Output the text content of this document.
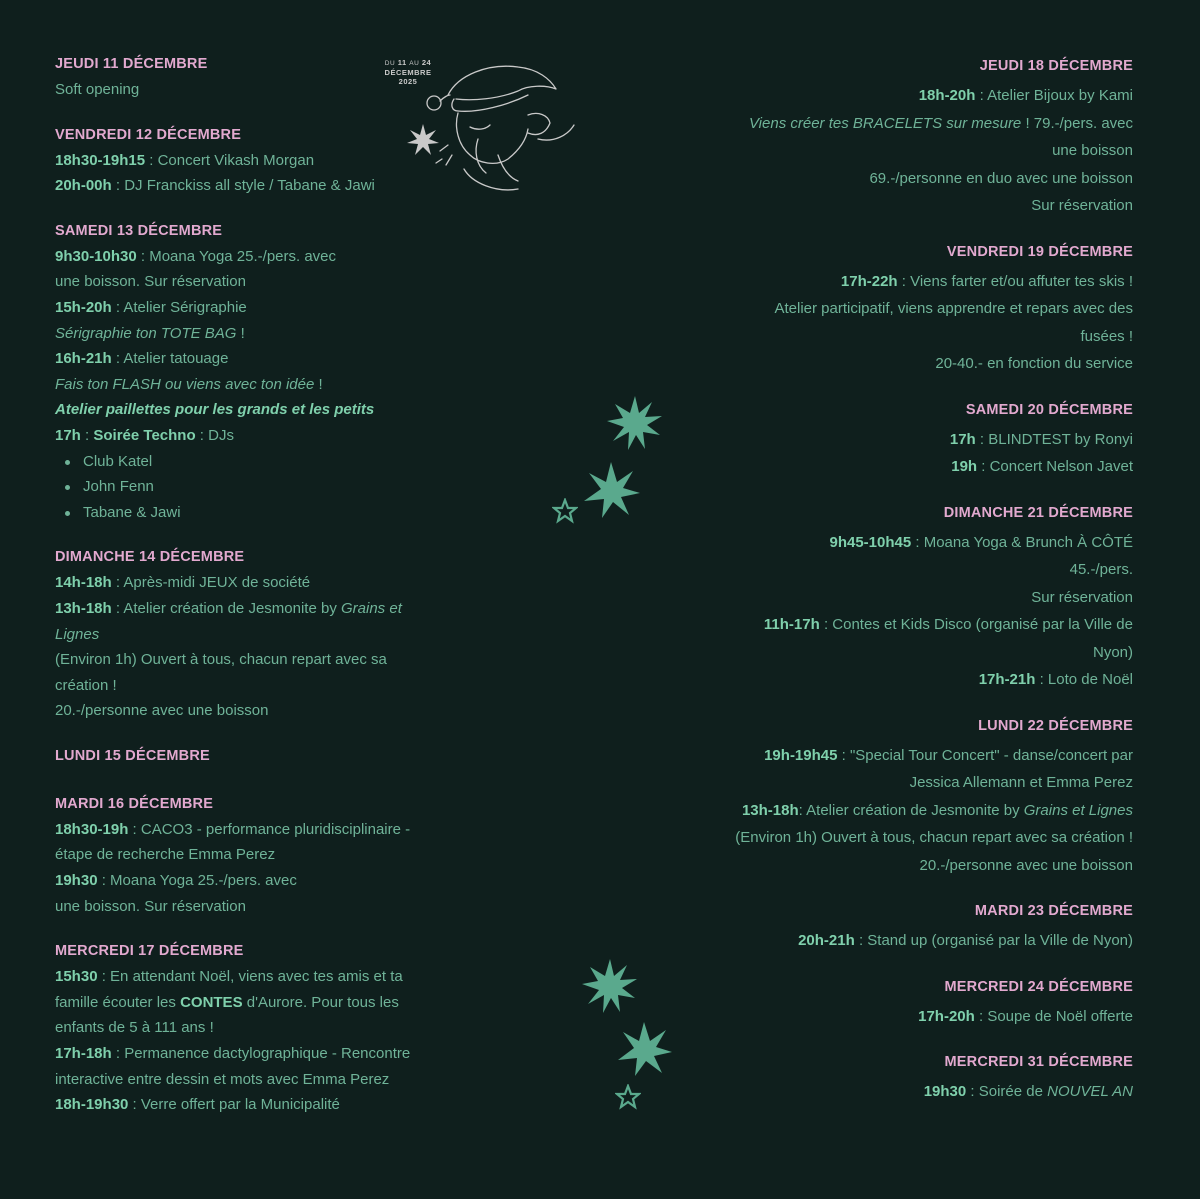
DU 11 AU 24
DÉCEMBRE
2025
JEUDI 11 DÉCEMBRE

Soft opening

VENDREDI 12 DÉCEMBRE

18h30-19h15 : Concert Vikash Morgan

20h-00h : DJ Franckiss all style / Tabane & Jawi

SAMEDI 13 DÉCEMBRE

9h30-10h30 : Moana Yoga 25.-/pers. avec

une boisson. Sur réservation

15h-20h : Atelier Sérigraphie

Sérigraphie ton TOTE BAG !

16h-21h : Atelier tatouage

Fais ton FLASH ou viens avec ton idée !

Atelier paillettes pour les grands et les petits

17h : Soirée Techno : DJs

Club Katel
John Fenn
Tabane & Jawi
DIMANCHE 14 DÉCEMBRE

14h-18h : Après-midi JEUX de société

13h-18h : Atelier création de Jesmonite by Grains et

Lignes

(Environ 1h) Ouvert à tous, chacun repart avec sa

création !

20.-/personne avec une boisson

LUNDI 15 DÉCEMBRE
MARDI 16 DÉCEMBRE

18h30-19h : CACO3 - performance pluridisciplinaire -

étape de recherche Emma Perez

19h30 : Moana Yoga 25.-/pers. avec

une boisson. Sur réservation

MERCREDI 17 DÉCEMBRE

15h30 : En attendant Noël, viens avec tes amis et ta

famille écouter les CONTES d'Aurore. Pour tous les

enfants de 5 à 111 ans !

17h-18h : Permanence dactylographique - Rencontre

interactive entre dessin et mots avec Emma Perez

18h-19h30 : Verre offert par la Municipalité

JEUDI 18 DÉCEMBRE

18h-20h : Atelier Bijoux by Kami

Viens créer tes BRACELETS sur mesure ! 79.-/pers. avec

une boisson

69.-/personne en duo avec une boisson

Sur réservation

VENDREDI 19 DÉCEMBRE

17h-22h : Viens farter et/ou affuter tes skis !

Atelier participatif, viens apprendre et repars avec des

fusées !

20-40.- en fonction du service

SAMEDI 20 DÉCEMBRE

17h : BLINDTEST by Ronyi

19h : Concert Nelson Javet

DIMANCHE 21 DÉCEMBRE

9h45-10h45 : Moana Yoga & Brunch À CÔTÉ

45.-/pers.

Sur réservation

11h-17h : Contes et Kids Disco (organisé par la Ville de

Nyon)

17h-21h : Loto de Noël

LUNDI 22 DÉCEMBRE

19h-19h45 : "Special Tour Concert" - danse/concert par

Jessica Allemann et Emma Perez

13h-18h: Atelier création de Jesmonite by Grains et Lignes

(Environ 1h) Ouvert à tous, chacun repart avec sa création !

20.-/personne avec une boisson

MARDI 23 DÉCEMBRE

20h-21h : Stand up (organisé par la Ville de Nyon)

MERCREDI 24 DÉCEMBRE

17h-20h : Soupe de Noël offerte

MERCREDI 31 DÉCEMBRE

19h30 : Soirée de NOUVEL AN
